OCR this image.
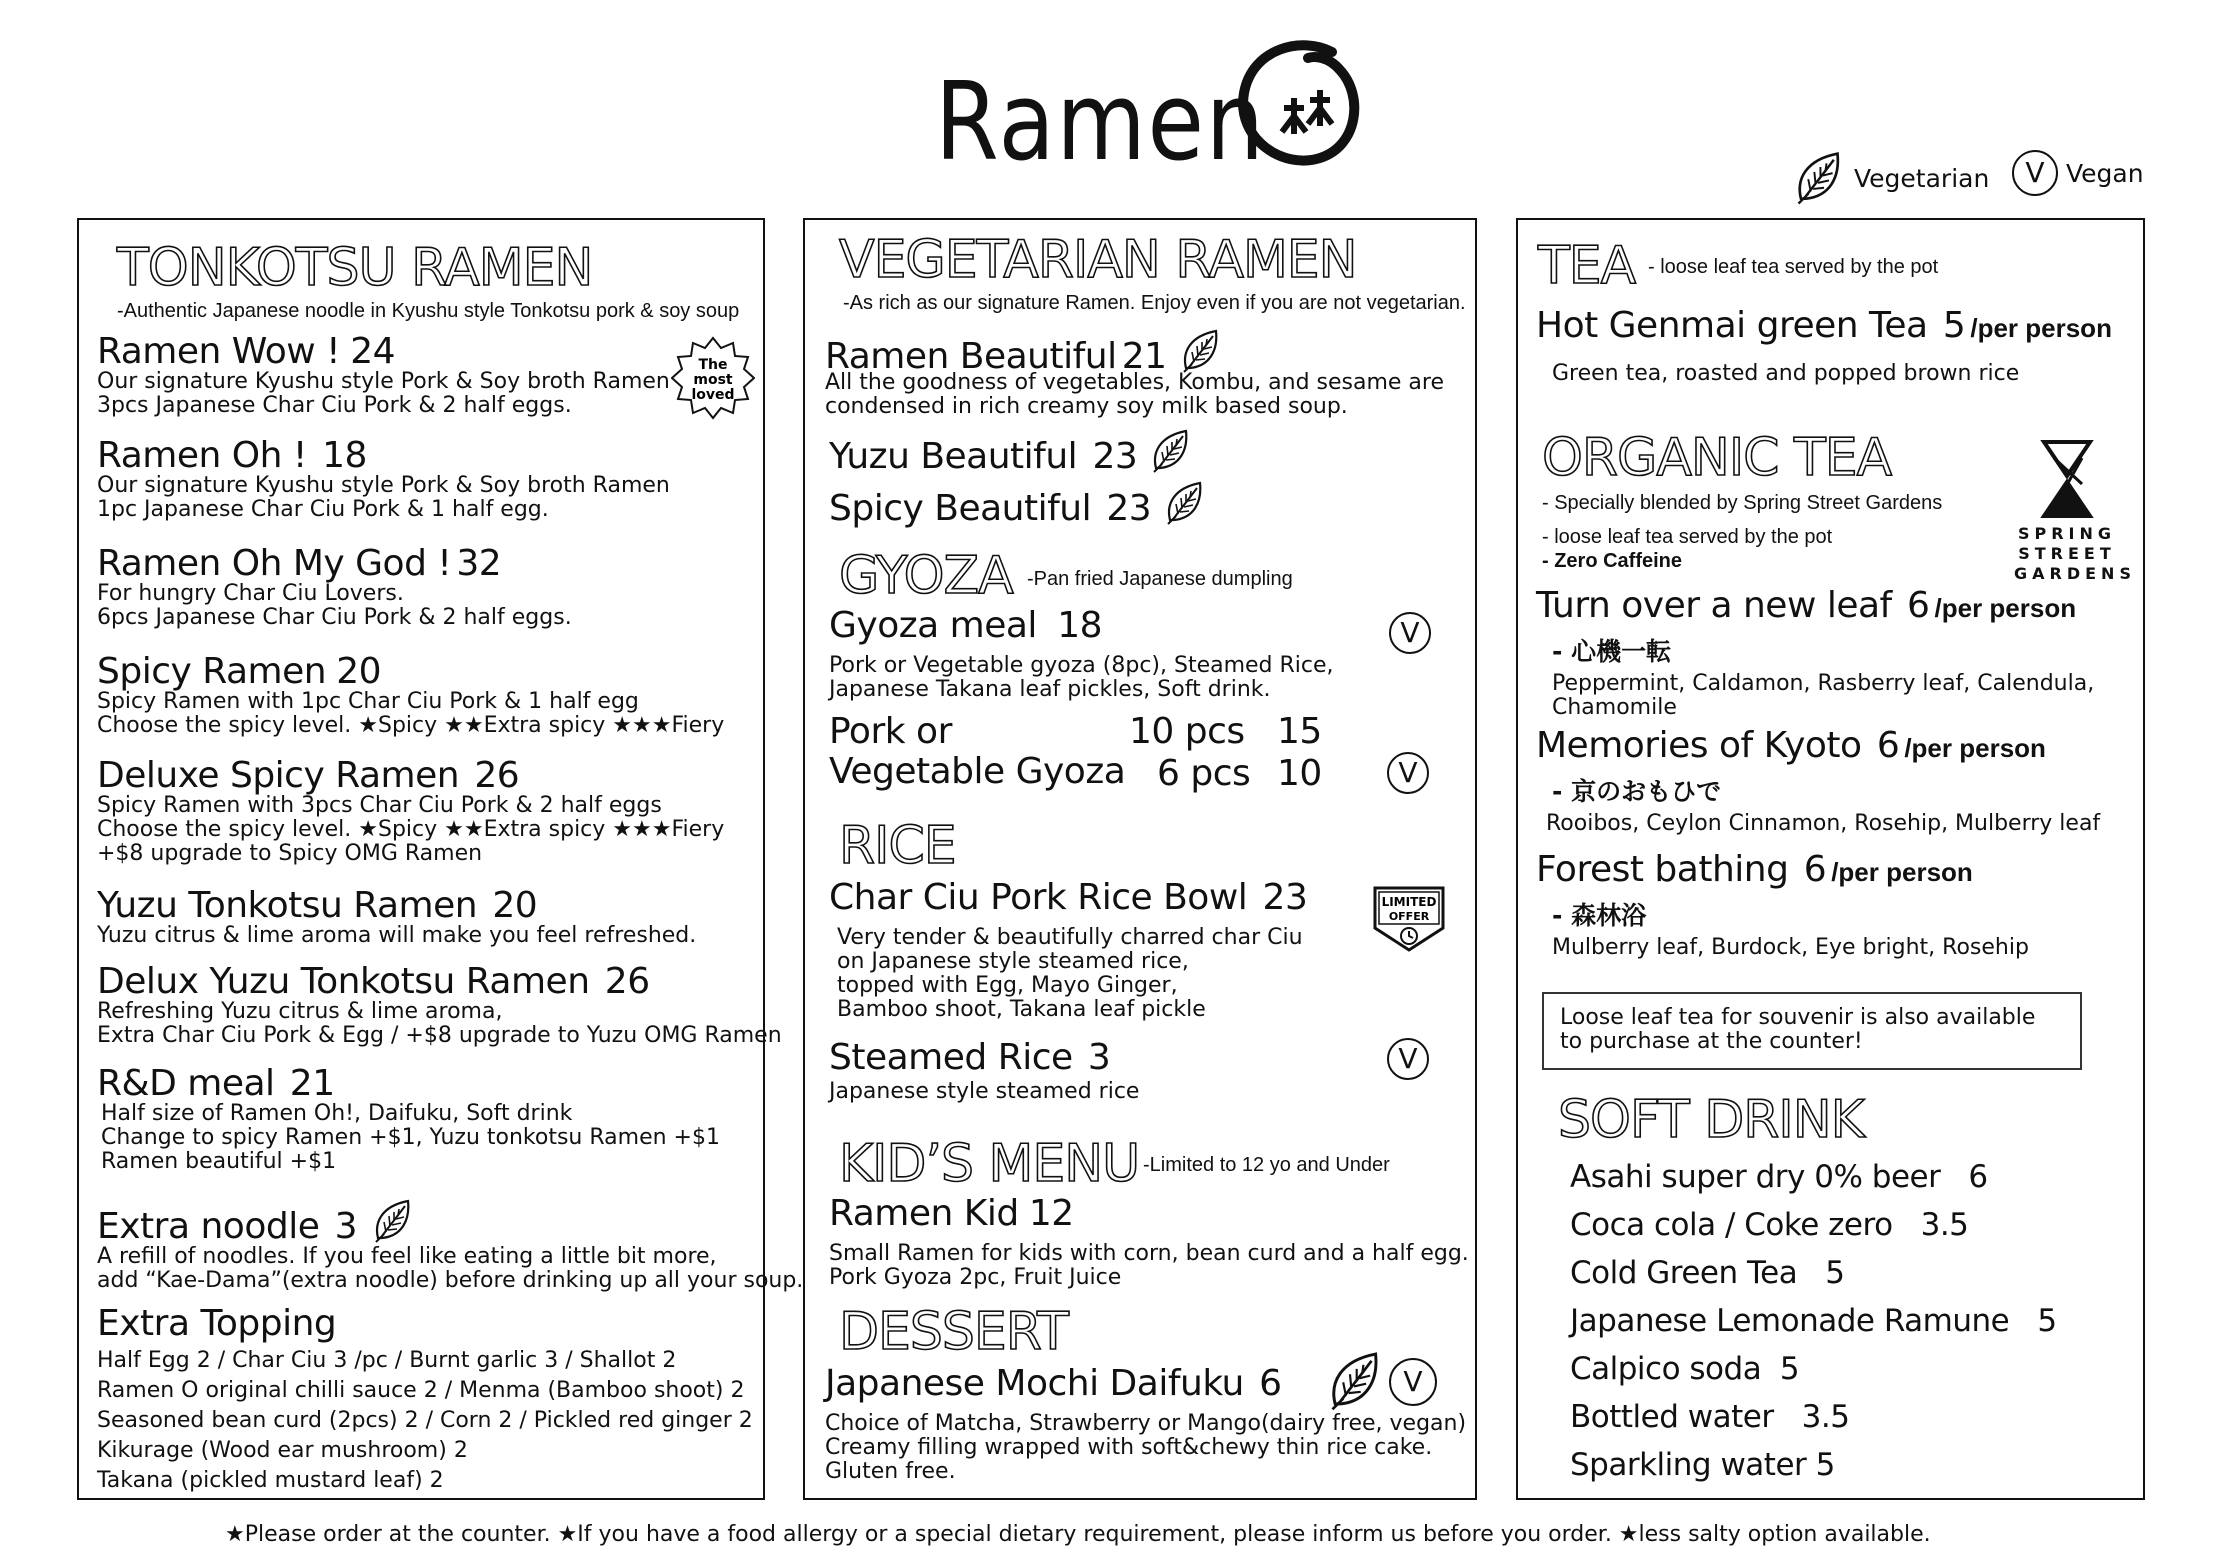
Ramen	Vegetarian	V Vegan
TONKOTSU RAMEN
-Authentic Japanese noodle in Kyushu style Tonkotsu pork & soy soup
The
most
loved
Ramen Wow ! 24
Our signature Kyushu style Pork & Soy broth Ramen
3pcs Japanese Char Ciu Pork & 2 half eggs.
Ramen Oh ! 18
Our signature Kyushu style Pork & Soy broth Ramen
1pc Japanese Char Ciu Pork & 1 half egg.
Ramen Oh My God ! 32
For hungry Char Ciu Lovers.
6pcs Japanese Char Ciu Pork & 2 half eggs.
Spicy Ramen 20
Spicy Ramen with 1pc Char Ciu Pork & 1 half egg
Choose the spicy level. ★Spicy ★★Extra spicy ★★★Fiery
Deluxe Spicy Ramen 26
Spicy Ramen with 3pcs Char Ciu Pork & 2 half eggs
Choose the spicy level. ★Spicy ★★Extra spicy ★★★Fiery
+$8 upgrade to Spicy OMG Ramen
Yuzu Tonkotsu Ramen 20
Yuzu citrus & lime aroma will make you feel refreshed.
Delux Yuzu Tonkotsu Ramen 26
Refreshing Yuzu citrus & lime aroma,
Extra Char Ciu Pork & Egg / +$8 upgrade to Yuzu OMG Ramen
R&D meal 21
Half size of Ramen Oh!, Daifuku, Soft drink
Change to spicy Ramen +$1, Yuzu tonkotsu Ramen +$1
Ramen beautiful +$1
Extra noodle 3
A refill of noodles. If you feel like eating a little bit more,
add “Kae-Dama”(extra noodle) before drinking up all your soup.
Extra Topping
Half Egg 2 / Char Ciu 3 /pc / Burnt garlic 3 / Shallot 2
Ramen O original chilli sauce 2 / Menma (Bamboo shoot) 2
Seasoned bean curd (2pcs) 2 / Corn 2 / Pickled red ginger 2
Kikurage (Wood ear mushroom) 2
Takana (pickled mustard leaf) 2
VEGETARIAN RAMEN
-As rich as our signature Ramen. Enjoy even if you are not vegetarian.
Ramen Beautiful 21
All the goodness of vegetables, Kombu, and sesame are
condensed in rich creamy soy milk based soup.
Yuzu Beautiful 23
Spicy Beautiful 23
GYOZA -Pan fried Japanese dumpling
Gyoza meal 18
Pork or Vegetable gyoza (8pc), Steamed Rice,
Japanese Takana leaf pickles, Soft drink.
V
Pork or
Vegetable Gyoza
10 pcs 15
6 pcs 10	V
RICE
Char Ciu Pork Rice Bowl 23
Very tender & beautifully charred char Ciu
on Japanese style steamed rice,
topped with Egg, Mayo Ginger,
Bamboo shoot, Takana leaf pickle
LIMITED
OFFER
Steamed Rice 3
Japanese style steamed rice
V
KID’S MENU -Limited to 12 yo and Under
Ramen Kid 12
Small Ramen for kids with corn, bean curd and a half egg.
Pork Gyoza 2pc, Fruit Juice
DESSERT
Japanese Mochi Daifuku 6
Choice of Matcha, Strawberry or Mango(dairy free, vegan)
Creamy filling wrapped with soft&chewy thin rice cake.
Gluten free.
V
TEA - loose leaf tea served by the pot
Hot Genmai green Tea 5 /per person
Green tea, roasted and popped brown rice
ORGANIC TEA
- Specially blended by Spring Street Gardens
- loose leaf tea served by the pot
- Zero Caffeine
SPRING
STREET
GARDENS
Turn over a new leaf 6 /per person
- 心機一転
Peppermint, Caldamon, Rasberry leaf, Calendula,
Chamomile
Memories of Kyoto 6 /per person
- 京のおもひで
Rooibos, Ceylon Cinnamon, Rosehip, Mulberry leaf
Forest bathing 6 /per person
- 森林浴
Mulberry leaf, Burdock, Eye bright, Rosehip
Loose leaf tea for souvenir is also available
to purchase at the counter!
SOFT DRINK
Asahi super dry 0% beer 6
Coca cola / Coke zero 3.5
Cold Green Tea 5
Japanese Lemonade Ramune 5
Calpico soda 5
Bottled water 3.5
Sparkling water 5
★Please order at the counter. ★If you have a food allergy or a special dietary requirement, please inform us before you order. ★less salty option available.
